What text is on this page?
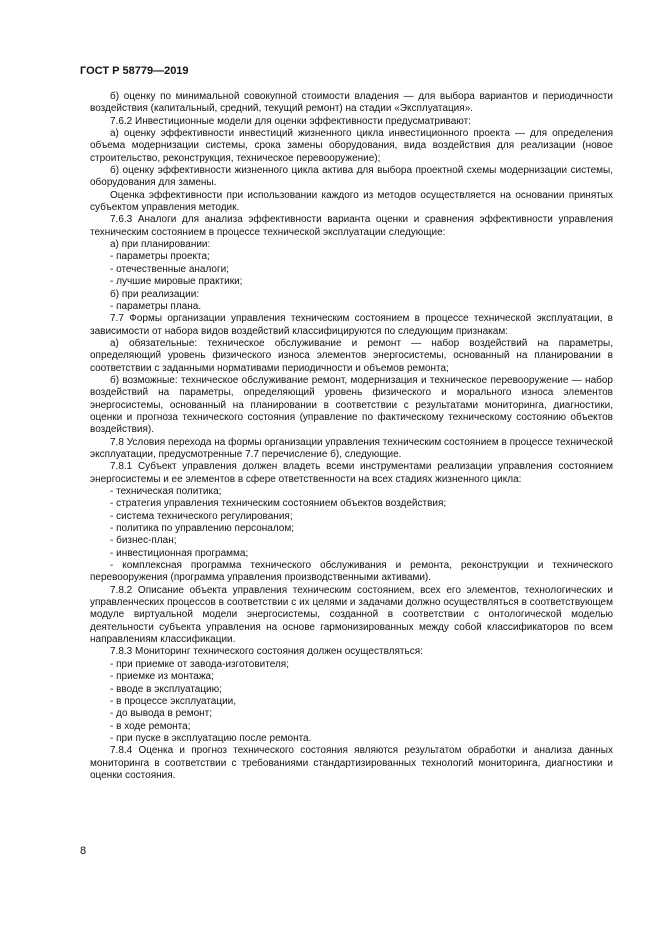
ГОСТ Р 58779—2019

б) оценку по минимальной совокупной стоимости владения — для выбора вариантов и периодичности воздействия (капитальный, средний, текущий ремонт) на стадии «Эксплуатация».

7.6.2 Инвестиционные модели для оценки эффективности предусматривают:

а) оценку эффективности инвестиций жизненного цикла инвестиционного проекта — для определения объема модернизации системы, срока замены оборудования, вида воздействия для реализации (новое строительство, реконструкция, техническое перевооружение);

б) оценку эффективности жизненного цикла актива для выбора проектной схемы модернизации системы, оборудования для замены.

Оценка эффективности при использовании каждого из методов осуществляется на основании принятых субъектом управления методик.

7.6.3 Аналоги для анализа эффективности варианта оценки и сравнения эффективности управления техническим состоянием в процессе технической эксплуатации следующие:

а) при планировании:

- параметры проекта;

- отечественные аналоги;

- лучшие мировые практики;

б) при реализации:

- параметры плана.

7.7 Формы организации управления техническим состоянием в процессе технической эксплуатации, в зависимости от набора видов воздействий классифицируются по следующим признакам:

а) обязательные: техническое обслуживание и ремонт — набор воздействий на параметры, определяющий уровень физического износа элементов энергосистемы, основанный на планировании в соответствии с заданными нормативами периодичности и объемов ремонта;

б) возможные: техническое обслуживание ремонт, модернизация и техническое перевооружение — набор воздействий на параметры, определяющий уровень физического и морального износа элементов энергосистемы, основанный на планировании в соответствии с результатами мониторинга, диагностики, оценки и прогноза технического состояния (управление по фактическому техническому состоянию объектов воздействия).

7.8 Условия перехода на формы организации управления техническим состоянием в процессе технической эксплуатации, предусмотренные 7.7 перечисление б), следующие.

7.8.1 Субъект управления должен владеть всеми инструментами реализации управления состоянием энергосистемы и ее элементов в сфере ответственности на всех стадиях жизненного цикла:

- техническая политика;

- стратегия управления техническим состоянием объектов воздействия;

- система технического регулирования;

- политика по управлению персоналом;

- бизнес-план;

- инвестиционная программа;

- комплексная программа технического обслуживания и ремонта, реконструкции и технического перевооружения (программа управления производственными активами).

7.8.2 Описание объекта управления техническим состоянием, всех его элементов, технологических и управленческих процессов в соответствии с их целями и задачами должно осуществляться в соответствующем модуле виртуальной модели энергосистемы, созданной в соответствии с онтологической моделью деятельности субъекта управления на основе гармонизированных между собой классификаторов по всем направлениям классификации.

7.8.3 Мониторинг технического состояния должен осуществляться:

- при приемке от завода-изготовителя;

- приемке из монтажа;

- вводе в эксплуатацию;

- в процессе эксплуатации,

- до вывода в ремонт;

- в ходе ремонта;

- при пуске в эксплуатацию после ремонта.

7.8.4 Оценка и прогноз технического состояния являются результатом обработки и анализа данных мониторинга в соответствии с требованиями стандартизированных технологий мониторинга, диагностики и оценки состояния.

8
